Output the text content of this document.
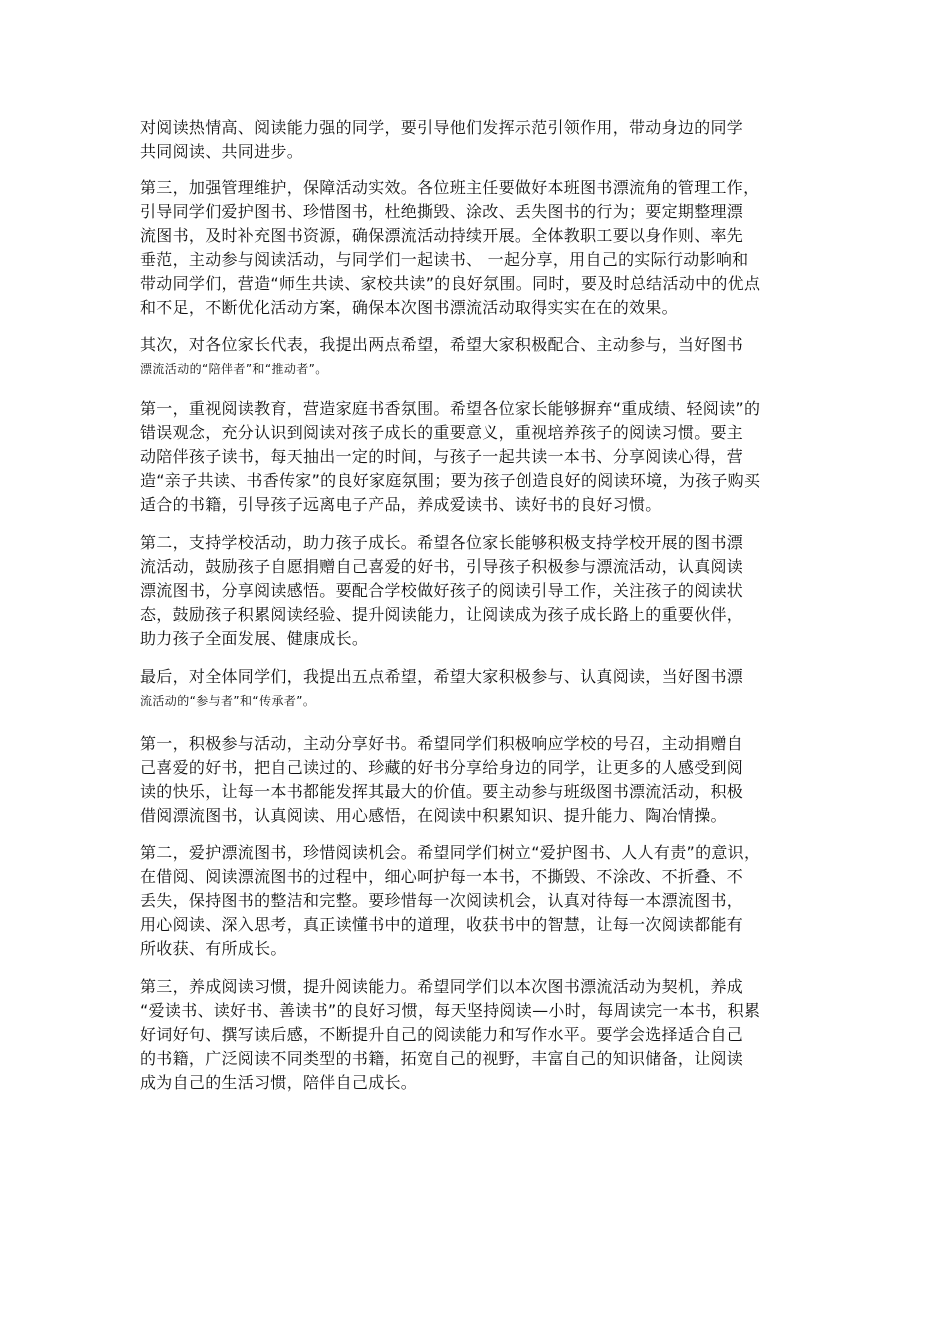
对阅读热情高、阅读能力强的同学，要引导他们发挥示范引领作用，带动身边的同学
共同阅读、共同进步。

第三，加强管理维护，保障活动实效。各位班主任要做好本班图书漂流角的管理工作，
引导同学们爱护图书、珍惜图书，杜绝撕毁、涂改、丢失图书的行为；要定期整理漂
流图书，及时补充图书资源，确保漂流活动持续开展。全体教职工要以身作则、率先
垂范，主动参与阅读活动，与同学们一起读书、 一起分享，用自己的实际行动影响和
带动同学们，营造“师生共读、家校共读”的良好氛围。同时，要及时总结活动中的优点
和不足，不断优化活动方案，确保本次图书漂流活动取得实实在在的效果。

其次，对各位家长代表，我提出两点希望，希望大家积极配合、主动参与，当好图书
漂流活动的“陪伴者”和“推动者”。

第一，重视阅读教育，营造家庭书香氛围。希望各位家长能够摒弃“重成绩、轻阅读”的
错误观念，充分认识到阅读对孩子成长的重要意义，重视培养孩子的阅读习惯。要主
动陪伴孩子读书，每天抽出一定的时间，与孩子一起共读一本书、分享阅读心得，营
造“亲子共读、书香传家”的良好家庭氛围；要为孩子创造良好的阅读环境，为孩子购买
适合的书籍，引导孩子远离电子产品，养成爱读书、读好书的良好习惯。

第二，支持学校活动，助力孩子成长。希望各位家长能够积极支持学校开展的图书漂
流活动，鼓励孩子自愿捐赠自己喜爱的好书，引导孩子积极参与漂流活动，认真阅读
漂流图书，分享阅读感悟。要配合学校做好孩子的阅读引导工作，关注孩子的阅读状
态，鼓励孩子积累阅读经验、提升阅读能力，让阅读成为孩子成长路上的重要伙伴，
助力孩子全面发展、健康成长。

最后，对全体同学们，我提出五点希望，希望大家积极参与、认真阅读，当好图书漂
流活动的“参与者”和“传承者”。

第一，积极参与活动，主动分享好书。希望同学们积极响应学校的号召，主动捐赠自
己喜爱的好书，把自己读过的、珍藏的好书分享给身边的同学，让更多的人感受到阅
读的快乐，让每一本书都能发挥其最大的价值。要主动参与班级图书漂流活动，积极
借阅漂流图书，认真阅读、用心感悟，在阅读中积累知识、提升能力、陶冶情操。

第二，爱护漂流图书，珍惜阅读机会。希望同学们树立“爱护图书、人人有责”的意识，
在借阅、阅读漂流图书的过程中，细心呵护每一本书，不撕毁、不涂改、不折叠、不
丢失，保持图书的整洁和完整。要珍惜每一次阅读机会，认真对待每一本漂流图书，
用心阅读、深入思考，真正读懂书中的道理，收获书中的智慧，让每一次阅读都能有
所收获、有所成长。

第三，养成阅读习惯，提升阅读能力。希望同学们以本次图书漂流活动为契机，养成
“爱读书、读好书、善读书”的良好习惯，每天坚持阅读—小时，每周读完一本书，积累
好词好句、撰写读后感，不断提升自己的阅读能力和写作水平。要学会选择适合自己
的书籍，广泛阅读不同类型的书籍，拓宽自己的视野，丰富自己的知识储备，让阅读
成为自己的生活习惯，陪伴自己成长。
